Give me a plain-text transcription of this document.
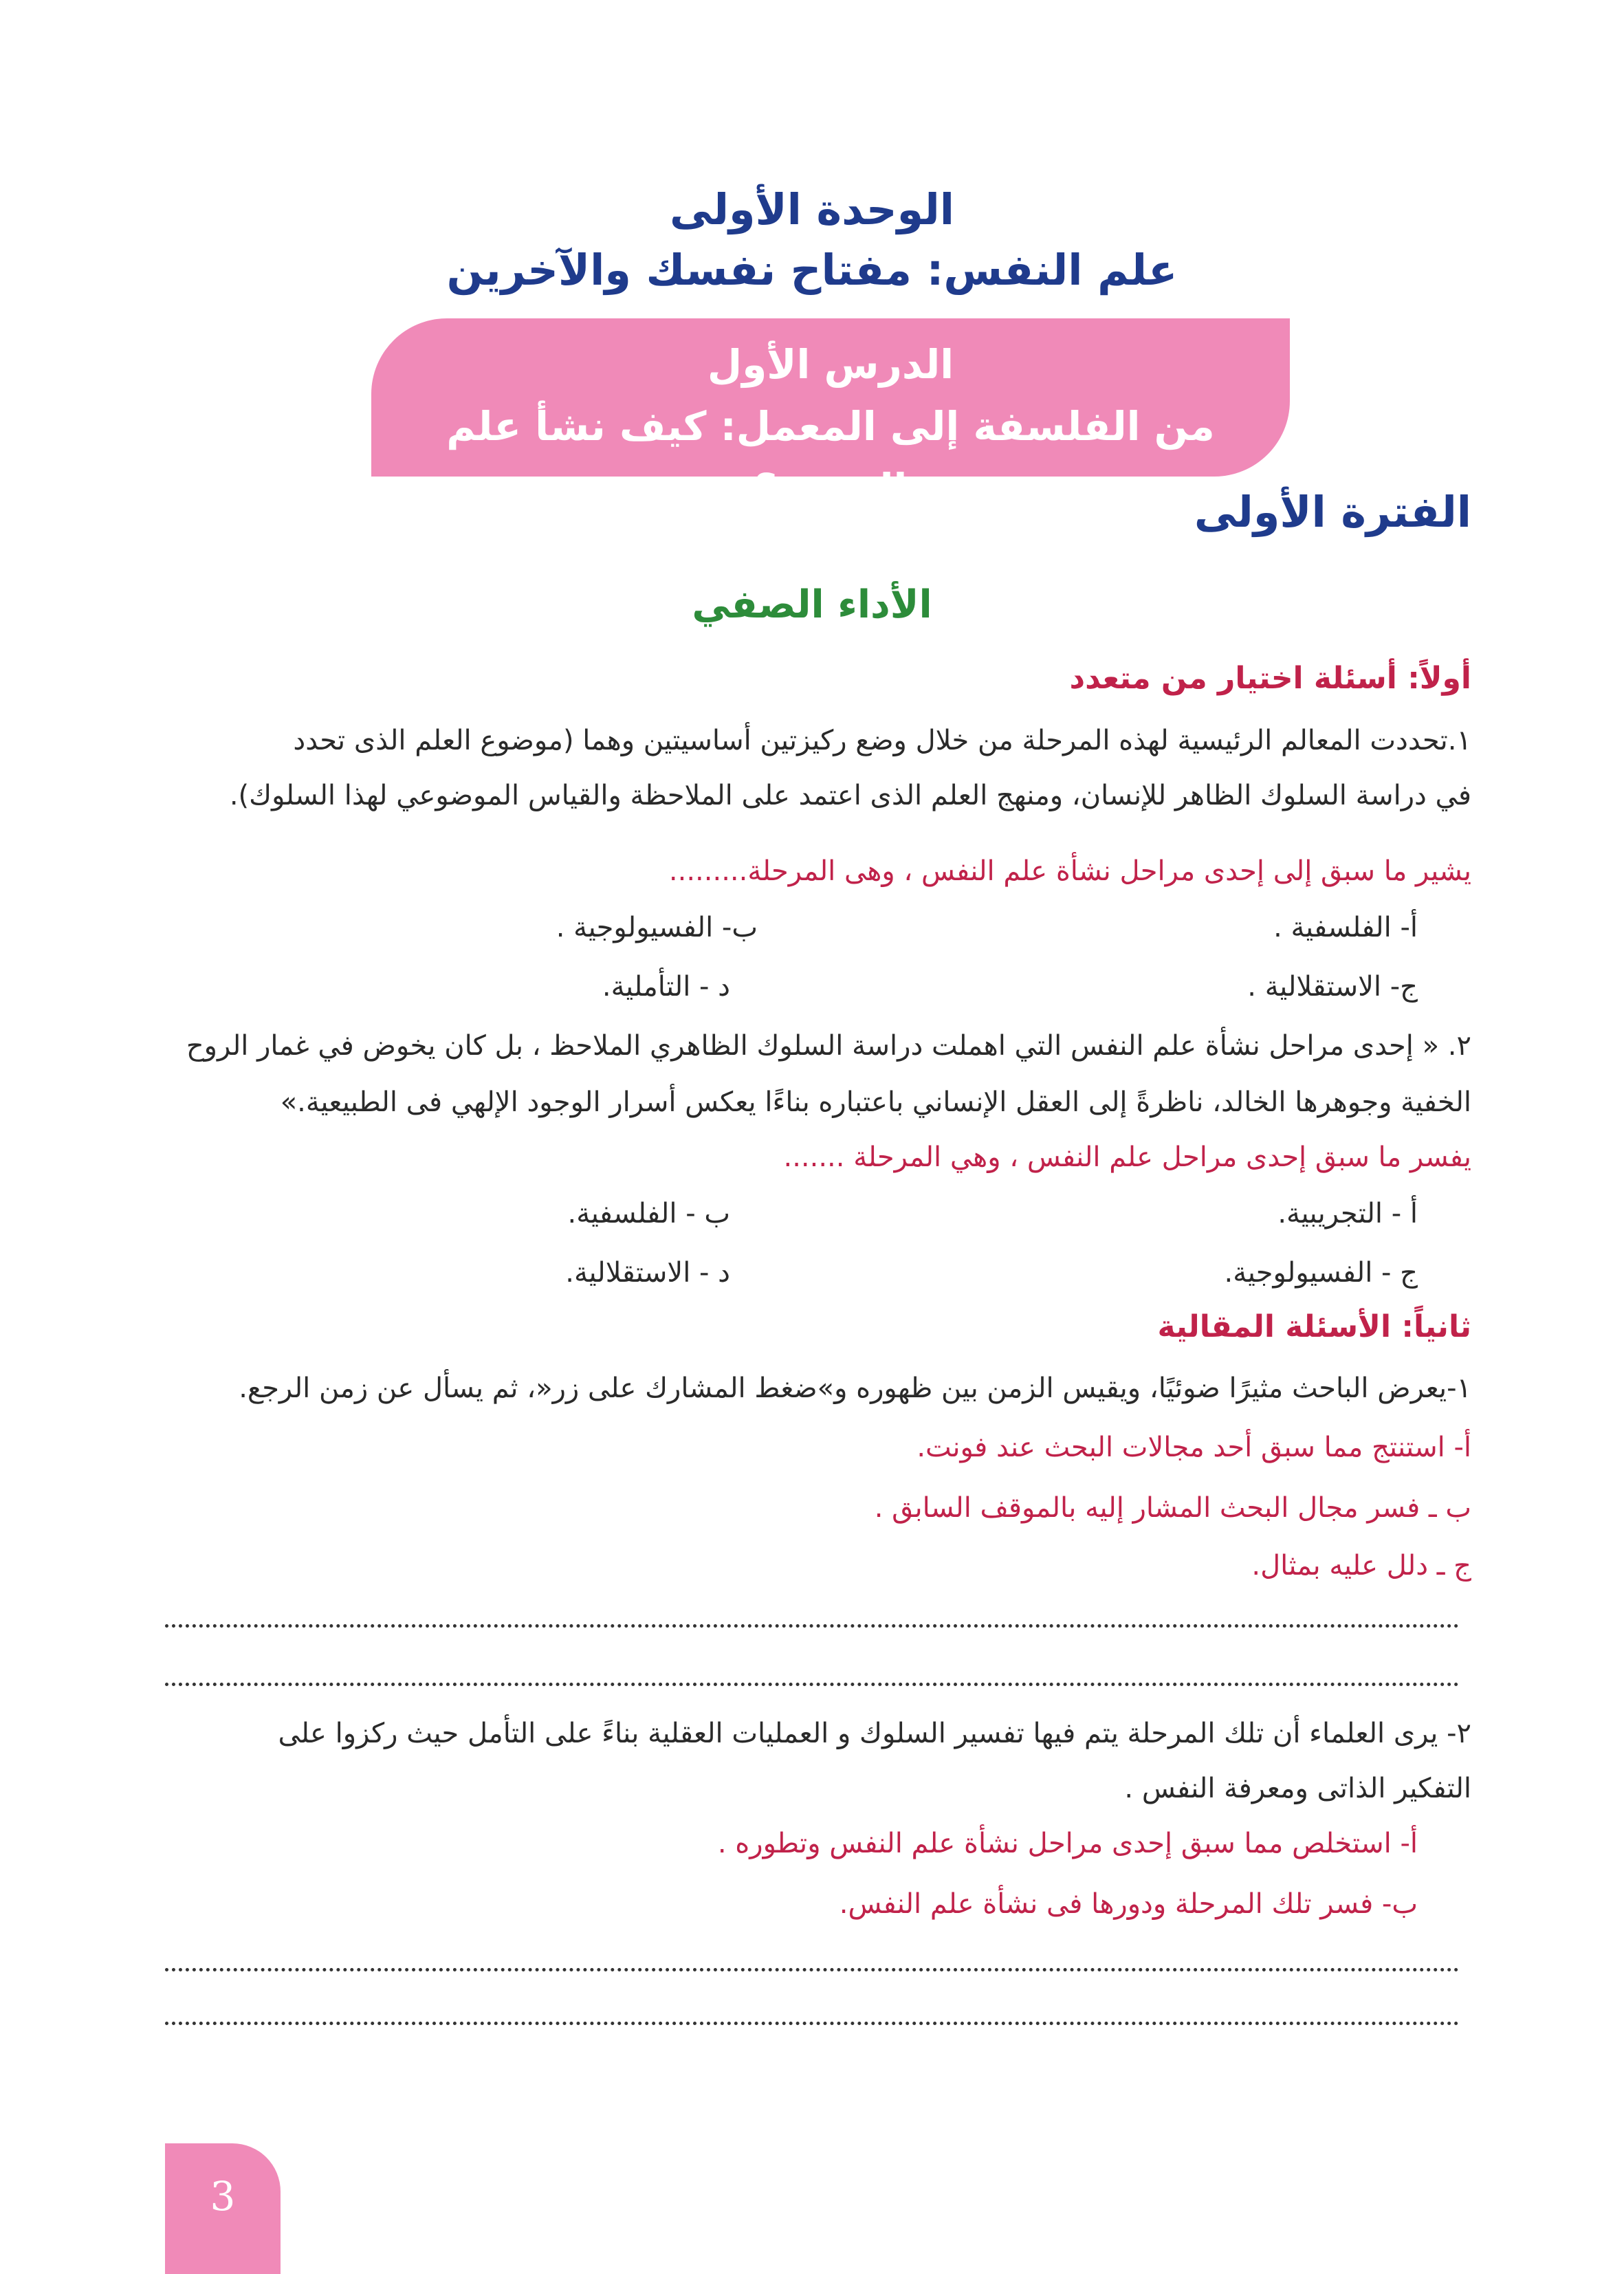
الوحدة الأولى
علم النفس: مفتاح نفسك والآخرين
الدرس الأول
من الفلسفة إلى المعمل: كيف نشأ علم النفس؟	الفترة الأولى
الأداء الصفي
أولاً: أسئلة اختيار من متعدد
١.تحددت المعالم الرئيسية لهذه المرحلة من خلال وضع ركيزتين أساسيتين وهما (موضوع العلم الذى تحدد
في دراسة السلوك الظاهر للإنسان، ومنهج العلم الذى اعتمد على الملاحظة والقياس الموضوعي لهذا السلوك).
يشير ما سبق إلى إحدى مراحل نشأة علم النفس ، وهى المرحلة.........
أ- الفلسفية .
ب- الفسيولوجية .
ج- الاستقلالية .
د - التأملية.
٢. « إحدى مراحل نشأة علم النفس التي اهملت دراسة السلوك الظاهري الملاحظ ، بل كان يخوض في غمار الروح
الخفية وجوهرها الخالد، ناظرةً إلى العقل الإنساني باعتباره بناءًا يعكس أسرار الوجود الإلهي فى الطبيعية.»
يفسر ما سبق إحدى مراحل علم النفس ، وهي المرحلة .......
أ - التجريبية.
ب - الفلسفية.
ج - الفسيولوجية.
د - الاستقلالية.
ثانياً: الأسئلة المقالية
١-يعرض الباحث مثيرًا ضوئيًا، ويقيس الزمن بين ظهوره و»ضغط المشارك على زر«، ثم يسأل عن زمن الرجع.
أ- استنتج مما سبق أحد مجالات البحث عند فونت.
ب ـ فسر مجال البحث المشار إليه بالموقف السابق .
ج ـ دلل عليه بمثال.
٢- يرى العلماء أن تلك المرحلة يتم فيها تفسير السلوك و العمليات العقلية بناءً على التأمل حيث ركزوا على
التفكير الذاتى ومعرفة النفس .
أ- استخلص مما سبق إحدى مراحل نشأة علم النفس وتطوره .
ب- فسر تلك المرحلة ودورها فى نشأة علم النفس.
3
